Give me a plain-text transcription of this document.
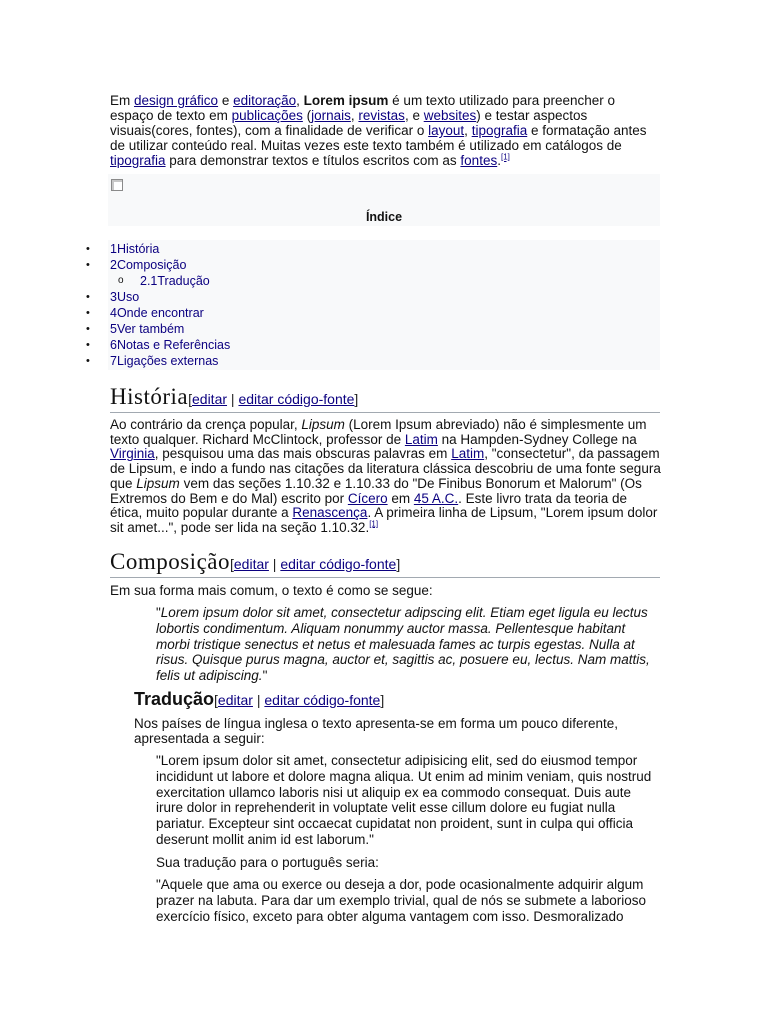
Em design gráfico e editoração, Lorem ipsum é um texto utilizado para preencher o espaço de texto em publicações (jornais, revistas, e websites) e testar aspectos visuais(cores, fontes), com a finalidade de verificar o layout, tipografia e formatação antes de utilizar conteúdo real. Muitas vezes este texto também é utilizado em catálogos de tipografia para demonstrar textos e títulos escritos com as fontes.[1]
Índice
• 1História
• 2Composição
o 2.1Tradução
• 3Uso
• 4Onde encontrar
• 5Ver também
• 6Notas e Referências
• 7Ligações externas
História[editar | editar código-fonte]
Ao contrário da crença popular, Lipsum (Lorem Ipsum abreviado) não é simplesmente um texto qualquer. Richard McClintock, professor de Latim na Hampden-Sydney College na Virginia, pesquisou uma das mais obscuras palavras em Latim, "consectetur", da passagem de Lipsum, e indo a fundo nas citações da literatura clássica descobriu de uma fonte segura que Lipsum vem das seções 1.10.32 e 1.10.33 do "De Finibus Bonorum et Malorum" (Os Extremos do Bem e do Mal) escrito por Cícero em 45 A.C.. Este livro trata da teoria de ética, muito popular durante a Renascença. A primeira linha de Lipsum, "Lorem ipsum dolor sit amet...", pode ser lida na seção 1.10.32.[1]
Composição[editar | editar código-fonte]
Em sua forma mais comum, o texto é como se segue:
"Lorem ipsum dolor sit amet, consectetur adipscing elit. Etiam eget ligula eu lectus lobortis condimentum. Aliquam nonummy auctor massa. Pellentesque habitant morbi tristique senectus et netus et malesuada fames ac turpis egestas. Nulla at risus. Quisque purus magna, auctor et, sagittis ac, posuere eu, lectus. Nam mattis, felis ut adipiscing."
Tradução[editar | editar código-fonte]
Nos países de língua inglesa o texto apresenta-se em forma um pouco diferente, apresentada a seguir:
"Lorem ipsum dolor sit amet, consectetur adipisicing elit, sed do eiusmod tempor incididunt ut labore et dolore magna aliqua. Ut enim ad minim veniam, quis nostrud exercitation ullamco laboris nisi ut aliquip ex ea commodo consequat. Duis aute irure dolor in reprehenderit in voluptate velit esse cillum dolore eu fugiat nulla pariatur. Excepteur sint occaecat cupidatat non proident, sunt in culpa qui officia deserunt mollit anim id est laborum."
Sua tradução para o português seria:
"Aquele que ama ou exerce ou deseja a dor, pode ocasionalmente adquirir algum prazer na labuta. Para dar um exemplo trivial, qual de nós se submete a laborioso exercício físico, exceto para obter alguma vantagem com isso. Desmoralizado
